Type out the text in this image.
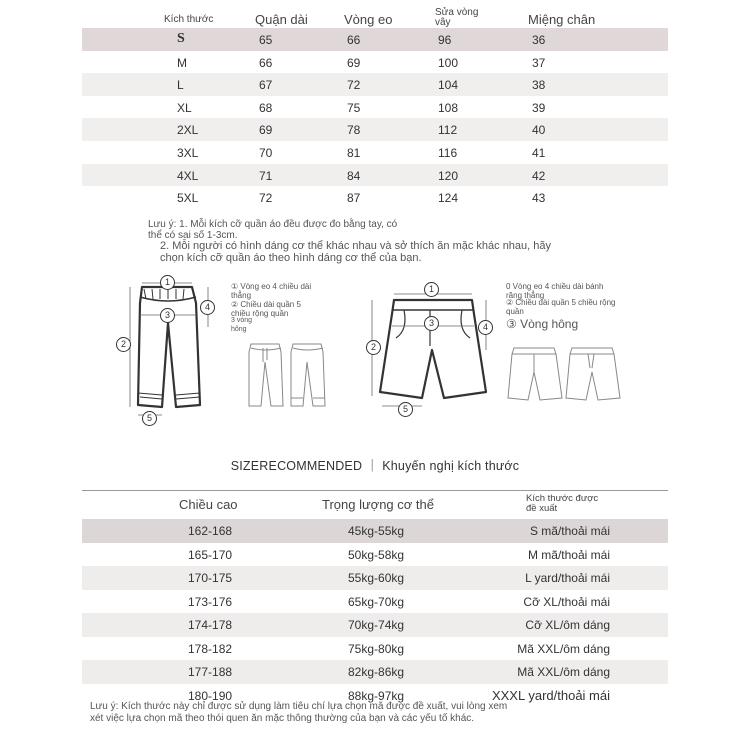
Kích thước	Quận dài	Vòng eo	Sửa vòng vây	Miệng chân
S	65	66	96	36
M	66	69	100	37
L	67	72	104	38
XL	68	75	108	39
2XL	69	78	112	40
3XL	70	81	116	41
4XL	71	84	120	42
5XL	72	87	124	43
Lưu ý: 1. Mỗi kích cỡ quần áo đều được đo bằng tay, có
thể có sai số 1-3cm.
2. Mỗi người có hình dáng cơ thể khác nhau và sở thích ăn mặc khác nhau, hãy
chọn kích cỡ quần áo theo hình dáng cơ thể của bạn.
1
2
3
4
5
① Vòng eo 4 chiều dài thẳng
② Chiều dài quần 5 chiều rộng quần
3 vòng hông
1
2
3	4
5
0 Vòng eo 4 chiều dài bánh răng thẳng
② Chiều dài quần 5 chiều rộng quần
③ Vòng hông
SIZERECOMMENDED ｜ Khuyến nghị kích thước
Chiều cao	Trọng lượng cơ thể	Kích thước được đề xuất
162-168	45kg-55kg	S mã/thoải mái
165-170	50kg-58kg	M mã/thoải mái
170-175	55kg-60kg	L yard/thoải mái
173-176	65kg-70kg	Cỡ XL/thoải mái
174-178	70kg-74kg	Cỡ XL/ôm dáng
178-182	75kg-80kg	Mã XXL/ôm dáng
177-188	82kg-86kg	Mã XXL/ôm dáng
180-190	88kg-97kg	XXXL yard/thoải mái
Lưu ý: Kích thước này chỉ được sử dụng làm tiêu chí lựa chọn mã được đề xuất, vui lòng xem
xét việc lựa chọn mã theo thói quen ăn mặc thông thường của bạn và các yếu tố khác.
